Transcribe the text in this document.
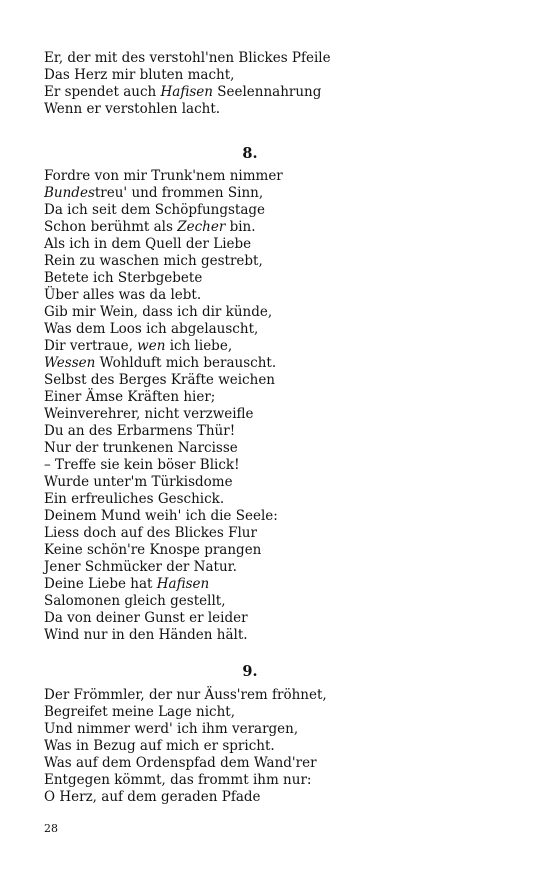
Er, der mit des verstohl'nen Blickes Pfeile
Das Herz mir bluten macht,
Er spendet auch Hafisen Seelennahrung
Wenn er verstohlen lacht.
8.
Fordre von mir Trunk'nem nimmer
Bundestreu' und frommen Sinn,
Da ich seit dem Schöpfungstage
Schon berühmt als Zecher bin.
Als ich in dem Quell der Liebe
Rein zu waschen mich gestrebt,
Betete ich Sterbgebete
Über alles was da lebt.
Gib mir Wein, dass ich dir künde,
Was dem Loos ich abgelauscht,
Dir vertraue, wen ich liebe,
Wessen Wohlduft mich berauscht.
Selbst des Berges Kräfte weichen
Einer Ämse Kräften hier;
Weinverehrer, nicht verzweifle
Du an des Erbarmens Thür!
Nur der trunkenen Narcisse
– Treffe sie kein böser Blick!
Wurde unter'm Türkisdome
Ein erfreuliches Geschick.
Deinem Mund weih' ich die Seele:
Liess doch auf des Blickes Flur
Keine schön're Knospe prangen
Jener Schmücker der Natur.
Deine Liebe hat Hafisen
Salomonen gleich gestellt,
Da von deiner Gunst er leider
Wind nur in den Händen hält.
9.
Der Frömmler, der nur Äuss'rem fröhnet,
Begreifet meine Lage nicht,
Und nimmer werd' ich ihm verargen,
Was in Bezug auf mich er spricht.
Was auf dem Ordenspfad dem Wand'rer
Entgegen kömmt, das frommt ihm nur:
O Herz, auf dem geraden Pfade
28
